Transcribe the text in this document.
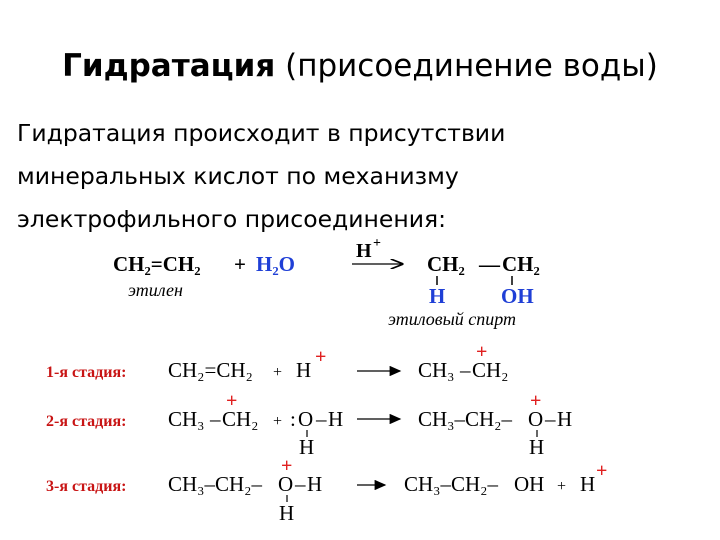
Гидратация (присоединение воды)
Гидратация происходит в присутствии
минеральных кислот по механизму
электрофильного присоединения:
CH₂=CH₂ + H₂O
H +
CH₂ — CH₂
H	OH
этилен
этиловый спирт
1-я стадия: CH₂=CH₂ + H
+
CH₃ – CH₂
+
2-я стадия: CH₃ – CH₂
+
+ : O – H
H
CH₃–CH₂– O – H
H
+
3-я стадия: CH₃–CH₂– O – H
H
+
CH₃–CH₂– OH + H
+
